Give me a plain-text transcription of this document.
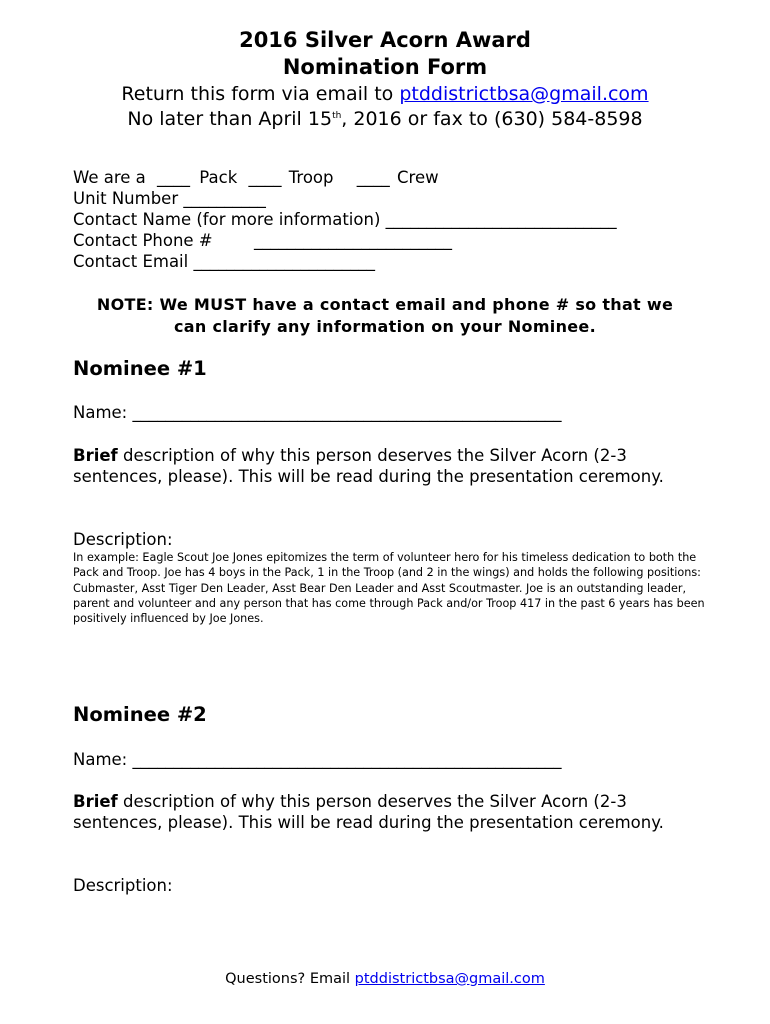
2016 Silver Acorn Award
Nomination Form
Return this form via email to ptddistrictbsa@gmail.com
No later than April 15th, 2016 or fax to (630) 584-8598
We are a ____ Pack ____ Troop ____ Crew
Unit Number __________
Contact Name (for more information) ____________________________
Contact Phone #	________________________
Contact Email ______________________
NOTE: We MUST have a contact email and phone # so that we
can clarify any information on your Nominee.
Nominee #1
Name: ____________________________________________________
Brief description of why this person deserves the Silver Acorn (2-3 sentences, please). This will be read during the presentation ceremony.
Description:
In example: Eagle Scout Joe Jones epitomizes the term of volunteer hero for his timeless dedication to both the Pack and Troop. Joe has 4 boys in the Pack, 1 in the Troop (and 2 in the wings) and holds the following positions: Cubmaster, Asst Tiger Den Leader, Asst Bear Den Leader and Asst Scoutmaster. Joe is an outstanding leader, parent and volunteer and any person that has come through Pack and/or Troop 417 in the past 6 years has been positively influenced by Joe Jones.
Nominee #2
Name: ____________________________________________________
Brief description of why this person deserves the Silver Acorn (2-3 sentences, please). This will be read during the presentation ceremony.
Description:
Questions? Email ptddistrictbsa@gmail.com
